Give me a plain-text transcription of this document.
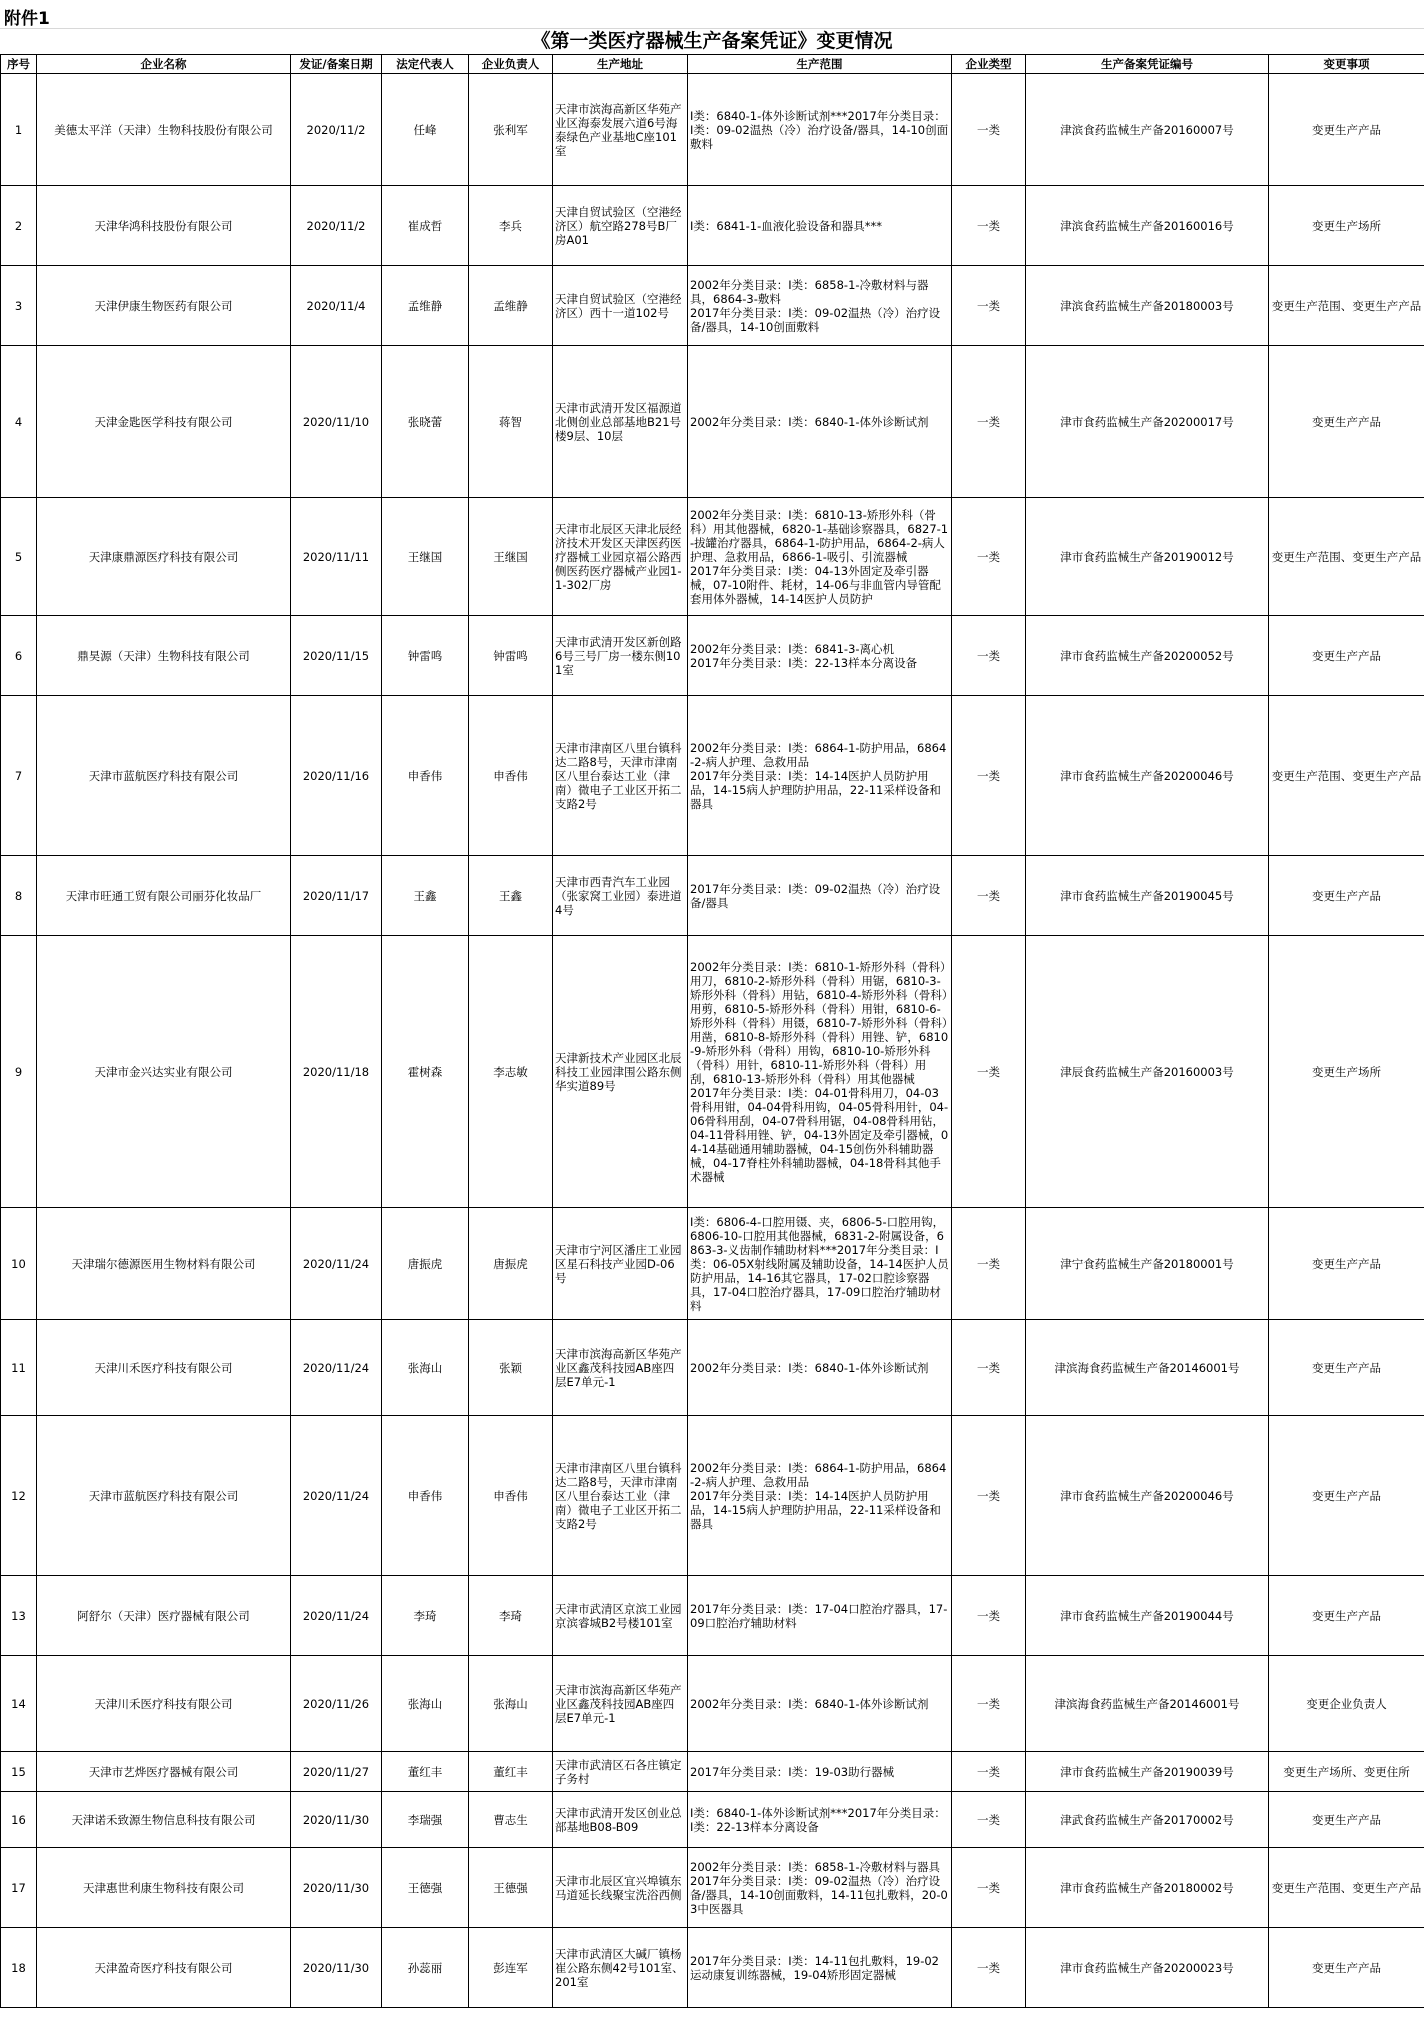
附件1
《第一类医疗器械生产备案凭证》变更情况
序号	企业名称	发证/备案日期	法定代表人	企业负责人	生产地址	生产范围	企业类型	生产备案凭证编号	变更事项

1	美德太平洋（天津）生物科技股份有限公司	2020/11/2	任峰	张利军	天津市滨海高新区华苑产业区海泰发展六道6号海泰绿色产业基地C座101室	I类：6840-1-体外诊断试剂***2017年分类目录：I类：09-02温热（冷）治疗设备/器具，14-10创面敷料	一类	津滨食药监械生产备20160007号	变更生产产品

2	天津华鸿科技股份有限公司	2020/11/2	崔成哲	李兵	天津自贸试验区（空港经济区）航空路278号B厂房A01	I类：6841-1-血液化验设备和器具***	一类	津滨食药监械生产备20160016号	变更生产场所

3	天津伊康生物医药有限公司	2020/11/4	孟维静	孟维静	天津自贸试验区（空港经济区）西十一道102号	2002年分类目录：I类：6858-1-冷敷材料与器具，6864-3-敷料
2017年分类目录：I类：09-02温热（冷）治疗设备/器具，14-10创面敷料	一类	津滨食药监械生产备20180003号	变更生产范围、变更生产产品

4	天津金匙医学科技有限公司	2020/11/10	张晓蕾	蒋智	天津市武清开发区福源道北侧创业总部基地B21号楼9层、10层	2002年分类目录：I类：6840-1-体外诊断试剂	一类	津市食药监械生产备20200017号	变更生产产品

5	天津康鼎源医疗科技有限公司	2020/11/11	王继国	王继国	天津市北辰区天津北辰经济技术开发区天津医药医疗器械工业园京福公路西侧医药医疗器械产业园1-1-302厂房	2002年分类目录：I类：6810-13-矫形外科（骨科）用其他器械，6820-1-基础诊察器具，6827-1-拔罐治疗器具，6864-1-防护用品，6864-2-病人护理、急救用品，6866-1-吸引、引流器械
2017年分类目录：I类：04-13外固定及牵引器械，07-10附件、耗材，14-06与非血管内导管配套用体外器械，14-14医护人员防护	一类	津市食药监械生产备20190012号	变更生产范围、变更生产产品

6	鼎昊源（天津）生物科技有限公司	2020/11/15	钟雷鸣	钟雷鸣	天津市武清开发区新创路6号三号厂房一楼东侧101室	2002年分类目录：I类：6841-3-离心机
2017年分类目录：I类：22-13样本分离设备	一类	津市食药监械生产备20200052号	变更生产产品

7	天津市蓝航医疗科技有限公司	2020/11/16	申香伟	申香伟	天津市津南区八里台镇科达二路8号，天津市津南区八里台泰达工业（津南）微电子工业区开拓二支路2号	2002年分类目录：I类：6864-1-防护用品，6864-2-病人护理、急救用品
2017年分类目录：I类：14-14医护人员防护用品，14-15病人护理防护用品，22-11采样设备和器具	一类	津市食药监械生产备20200046号	变更生产范围、变更生产产品

8	天津市旺通工贸有限公司丽芬化妆品厂	2020/11/17	王鑫	王鑫	天津市西青汽车工业园（张家窝工业园）泰进道4号	2017年分类目录：I类：09-02温热（冷）治疗设备/器具	一类	津市食药监械生产备20190045号	变更生产产品

9	天津市金兴达实业有限公司	2020/11/18	霍树森	李志敏	天津新技术产业园区北辰科技工业园津围公路东侧华实道89号	2002年分类目录：I类：6810-1-矫形外科（骨科）用刀，6810-2-矫形外科（骨科）用锯，6810-3-矫形外科（骨科）用钻，6810-4-矫形外科（骨科）用剪，6810-5-矫形外科（骨科）用钳，6810-6-矫形外科（骨科）用镊，6810-7-矫形外科（骨科）用凿，6810-8-矫形外科（骨科）用锉、铲，6810-9-矫形外科（骨科）用钩，6810-10-矫形外科（骨科）用针，6810-11-矫形外科（骨科）用刮，6810-13-矫形外科（骨科）用其他器械
2017年分类目录：I类：04-01骨科用刀，04-03骨科用钳，04-04骨科用钩，04-05骨科用针，04-06骨科用刮，04-07骨科用锯，04-08骨科用钻，04-11骨科用锉、铲，04-13外固定及牵引器械，04-14基础通用辅助器械，04-15创伤外科辅助器械，04-17脊柱外科辅助器械，04-18骨科其他手术器械	一类	津辰食药监械生产备20160003号	变更生产场所

10	天津瑞尔德源医用生物材料有限公司	2020/11/24	唐振虎	唐振虎	天津市宁河区潘庄工业园区星石科技产业园D-06号	I类：6806-4-口腔用镊、夹，6806-5-口腔用钩，6806-10-口腔用其他器械，6831-2-附属设备，6863-3-义齿制作辅助材料***2017年分类目录：I类：06-05X射线附属及辅助设备，14-14医护人员防护用品，14-16其它器具，17-02口腔诊察器具，17-04口腔治疗器具，17-09口腔治疗辅助材料	一类	津宁食药监械生产备20180001号	变更生产产品

11	天津川禾医疗科技有限公司	2020/11/24	张海山	张颖	天津市滨海高新区华苑产业区鑫茂科技园AB座四层E7单元-1	2002年分类目录：I类：6840-1-体外诊断试剂	一类	津滨海食药监械生产备20146001号	变更生产产品

12	天津市蓝航医疗科技有限公司	2020/11/24	申香伟	申香伟	天津市津南区八里台镇科达二路8号，天津市津南区八里台泰达工业（津南）微电子工业区开拓二支路2号	2002年分类目录：I类：6864-1-防护用品，6864-2-病人护理、急救用品
2017年分类目录：I类：14-14医护人员防护用品，14-15病人护理防护用品，22-11采样设备和器具	一类	津市食药监械生产备20200046号	变更生产产品

13	阿舒尔（天津）医疗器械有限公司	2020/11/24	李琦	李琦	天津市武清区京滨工业园京滨睿城B2号楼101室	2017年分类目录：I类：17-04口腔治疗器具，17-09口腔治疗辅助材料	一类	津市食药监械生产备20190044号	变更生产产品

14	天津川禾医疗科技有限公司	2020/11/26	张海山	张海山	天津市滨海高新区华苑产业区鑫茂科技园AB座四层E7单元-1	2002年分类目录：I类：6840-1-体外诊断试剂	一类	津滨海食药监械生产备20146001号	变更企业负责人

15	天津市艺烨医疗器械有限公司	2020/11/27	董红丰	董红丰	天津市武清区石各庄镇定子务村	2017年分类目录：I类：19-03助行器械	一类	津市食药监械生产备20190039号	变更生产场所、变更住所

16	天津诺禾致源生物信息科技有限公司	2020/11/30	李瑞强	曹志生	天津市武清开发区创业总部基地B08-B09	I类：6840-1-体外诊断试剂***2017年分类目录：I类：22-13样本分离设备	一类	津武食药监械生产备20170002号	变更生产产品

17	天津惠世利康生物科技有限公司	2020/11/30	王德强	王德强	天津市北辰区宜兴埠镇东马道延长线聚宝洗浴西侧	2002年分类目录：I类：6858-1-冷敷材料与器具
2017年分类目录：I类：09-02温热（冷）治疗设备/器具，14-10创面敷料，14-11包扎敷料，20-03中医器具	一类	津市食药监械生产备20180002号	变更生产范围、变更生产产品

18	天津盈奇医疗科技有限公司	2020/11/30	孙蕊丽	彭连军	天津市武清区大碱厂镇杨崔公路东侧42号101室、201室	2017年分类目录：I类：14-11包扎敷料，19-02运动康复训练器械，19-04矫形固定器械	一类	津市食药监械生产备20200023号	变更生产产品
